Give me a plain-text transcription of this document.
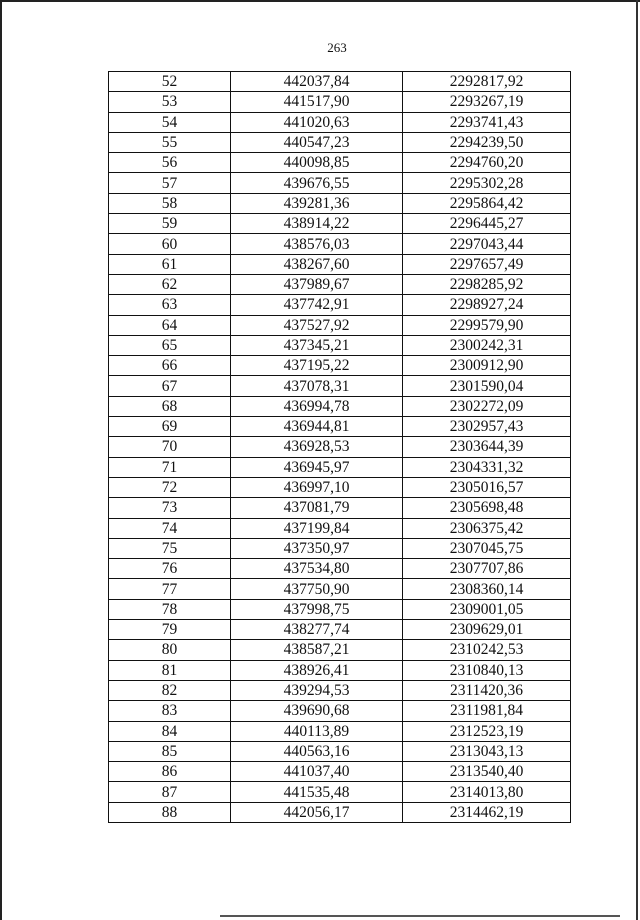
263
52	442037,84	2292817,92
53	441517,90	2293267,19
54	441020,63	2293741,43
55	440547,23	2294239,50
56	440098,85	2294760,20
57	439676,55	2295302,28
58	439281,36	2295864,42
59	438914,22	2296445,27
60	438576,03	2297043,44
61	438267,60	2297657,49
62	437989,67	2298285,92
63	437742,91	2298927,24
64	437527,92	2299579,90
65	437345,21	2300242,31
66	437195,22	2300912,90
67	437078,31	2301590,04
68	436994,78	2302272,09
69	436944,81	2302957,43
70	436928,53	2303644,39
71	436945,97	2304331,32
72	436997,10	2305016,57
73	437081,79	2305698,48
74	437199,84	2306375,42
75	437350,97	2307045,75
76	437534,80	2307707,86
77	437750,90	2308360,14
78	437998,75	2309001,05
79	438277,74	2309629,01
80	438587,21	2310242,53
81	438926,41	2310840,13
82	439294,53	2311420,36
83	439690,68	2311981,84
84	440113,89	2312523,19
85	440563,16	2313043,13
86	441037,40	2313540,40
87	441535,48	2314013,80
88	442056,17	2314462,19
